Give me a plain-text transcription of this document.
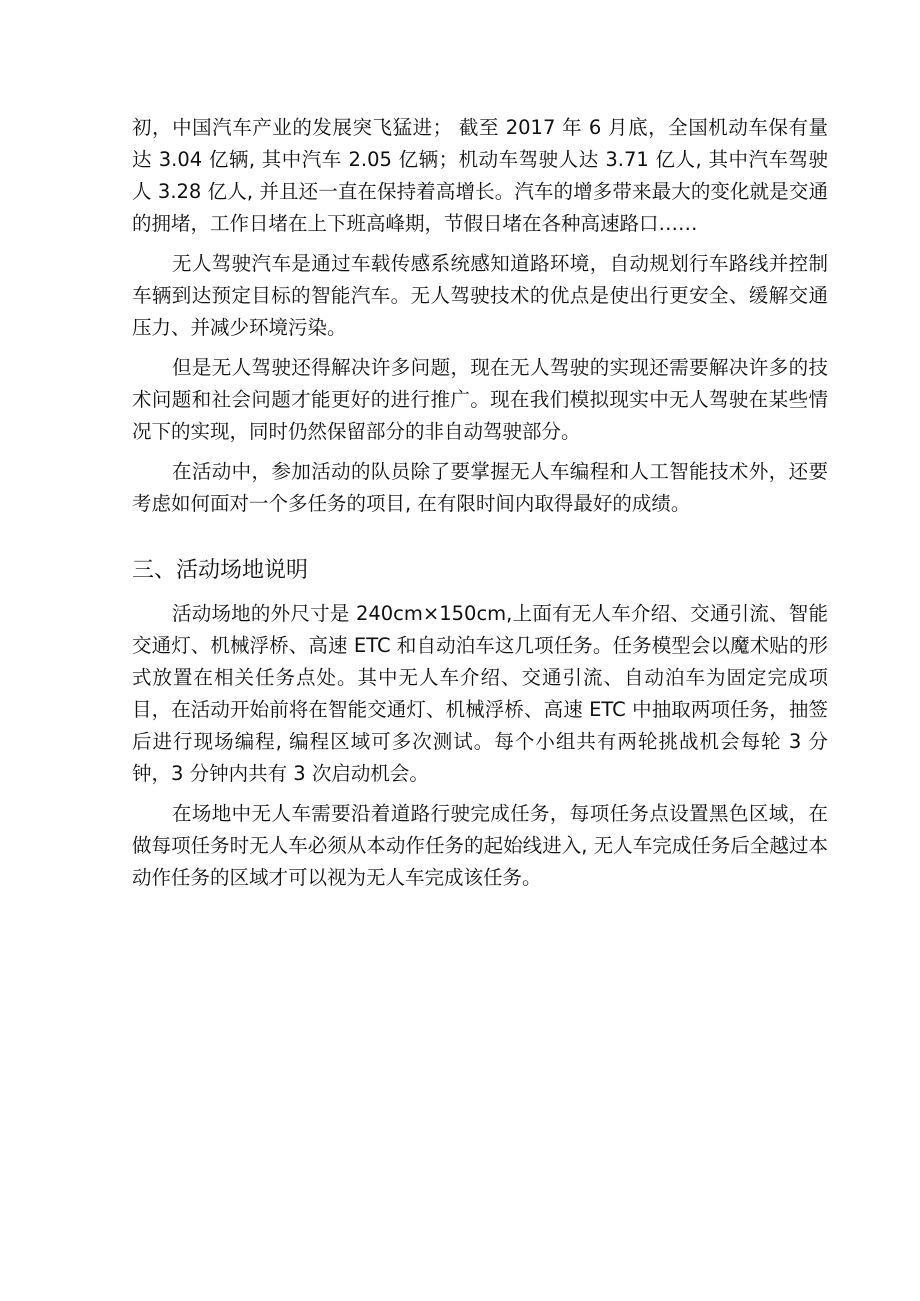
初，中国汽车产业的发展突飞猛进； 截至 2017 年 6 月底，全国机动车保有量达 3.04 亿辆, 其中汽车 2.05 亿辆；机动车驾驶人达 3.71 亿人, 其中汽车驾驶人 3.28 亿人, 并且还一直在保持着高增长。汽车的增多带来最大的变化就是交通的拥堵，工作日堵在上下班高峰期，节假日堵在各种高速路口……

无人驾驶汽车是通过车载传感系统感知道路环境，自动规划行车路线并控制车辆到达预定目标的智能汽车。无人驾驶技术的优点是使出行更安全、缓解交通压力、并减少环境污染。

但是无人驾驶还得解决许多问题，现在无人驾驶的实现还需要解决许多的技术问题和社会问题才能更好的进行推广。现在我们模拟现实中无人驾驶在某些情况下的实现，同时仍然保留部分的非自动驾驶部分。

在活动中，参加活动的队员除了要掌握无人车编程和人工智能技术外，还要考虑如何面对一个多任务的项目, 在有限时间内取得最好的成绩。

三、活动场地说明

活动场地的外尺寸是 240cm×150cm,上面有无人车介绍、交通引流、智能交通灯、机械浮桥、高速 ETC 和自动泊车这几项任务。任务模型会以魔术贴的形式放置在相关任务点处。其中无人车介绍、交通引流、自动泊车为固定完成项目，在活动开始前将在智能交通灯、机械浮桥、高速 ETC 中抽取两项任务，抽签后进行现场编程, 编程区域可多次测试。每个小组共有两轮挑战机会每轮 3 分钟，3 分钟内共有 3 次启动机会。

在场地中无人车需要沿着道路行驶完成任务，每项任务点设置黑色区域，在做每项任务时无人车必须从本动作任务的起始线进入, 无人车完成任务后全越过本动作任务的区域才可以视为无人车完成该任务。
